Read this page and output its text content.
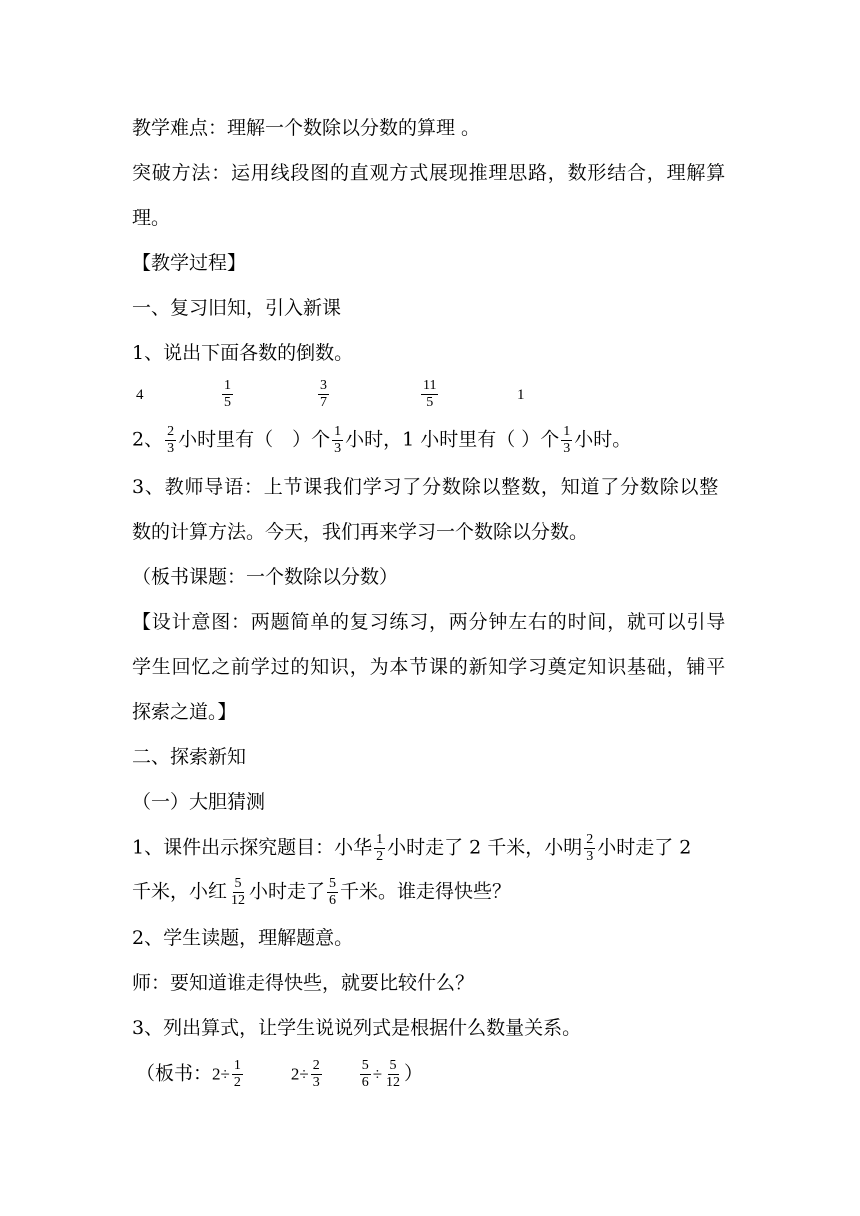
教学难点：理解一个数除以分数的算理 。
突破方法：运用线段图的直观方式展现推理思路，数形结合，理解算
理。
【教学过程】
一、复习旧知，引入新课
1、说出下面各数的倒数。
4	$\frac{1}{5}$	$\frac{3}{7}$	$\frac{11}{5}$	1
2、 $\frac{2}{3}$ 小时里有（　）个 $\frac{1}{3}$ 小时，1 小时里有（ ）个 $\frac{1}{3}$ 小时。
3、教师导语：上节课我们学习了分数除以整数，知道了分数除以整
数的计算方法。今天，我们再来学习一个数除以分数。
（板书课题：一个数除以分数）
【设计意图：两题简单的复习练习，两分钟左右的时间，就可以引导
学生回忆之前学过的知识，为本节课的新知学习奠定知识基础，铺平
探索之道。】
二、探索新知
（一）大胆猜测
1、课件出示探究题目：小华 $\frac{1}{2}$ 小时走了 2 千米，小明 $\frac{2}{3}$ 小时走了 2
千米，小红 $\frac{5}{12}$ 小时走了 $\frac{5}{6}$ 千米。谁走得快些？
2、学生读题，理解题意。
师：要知道谁走得快些，就要比较什么？
3、列出算式，让学生说说列式是根据什么数量关系。
（板书：$2\div \frac{1}{2}$	$2\div \frac{2}{3}$	$\frac{5}{6} \div \frac{5}{12}$ ）
